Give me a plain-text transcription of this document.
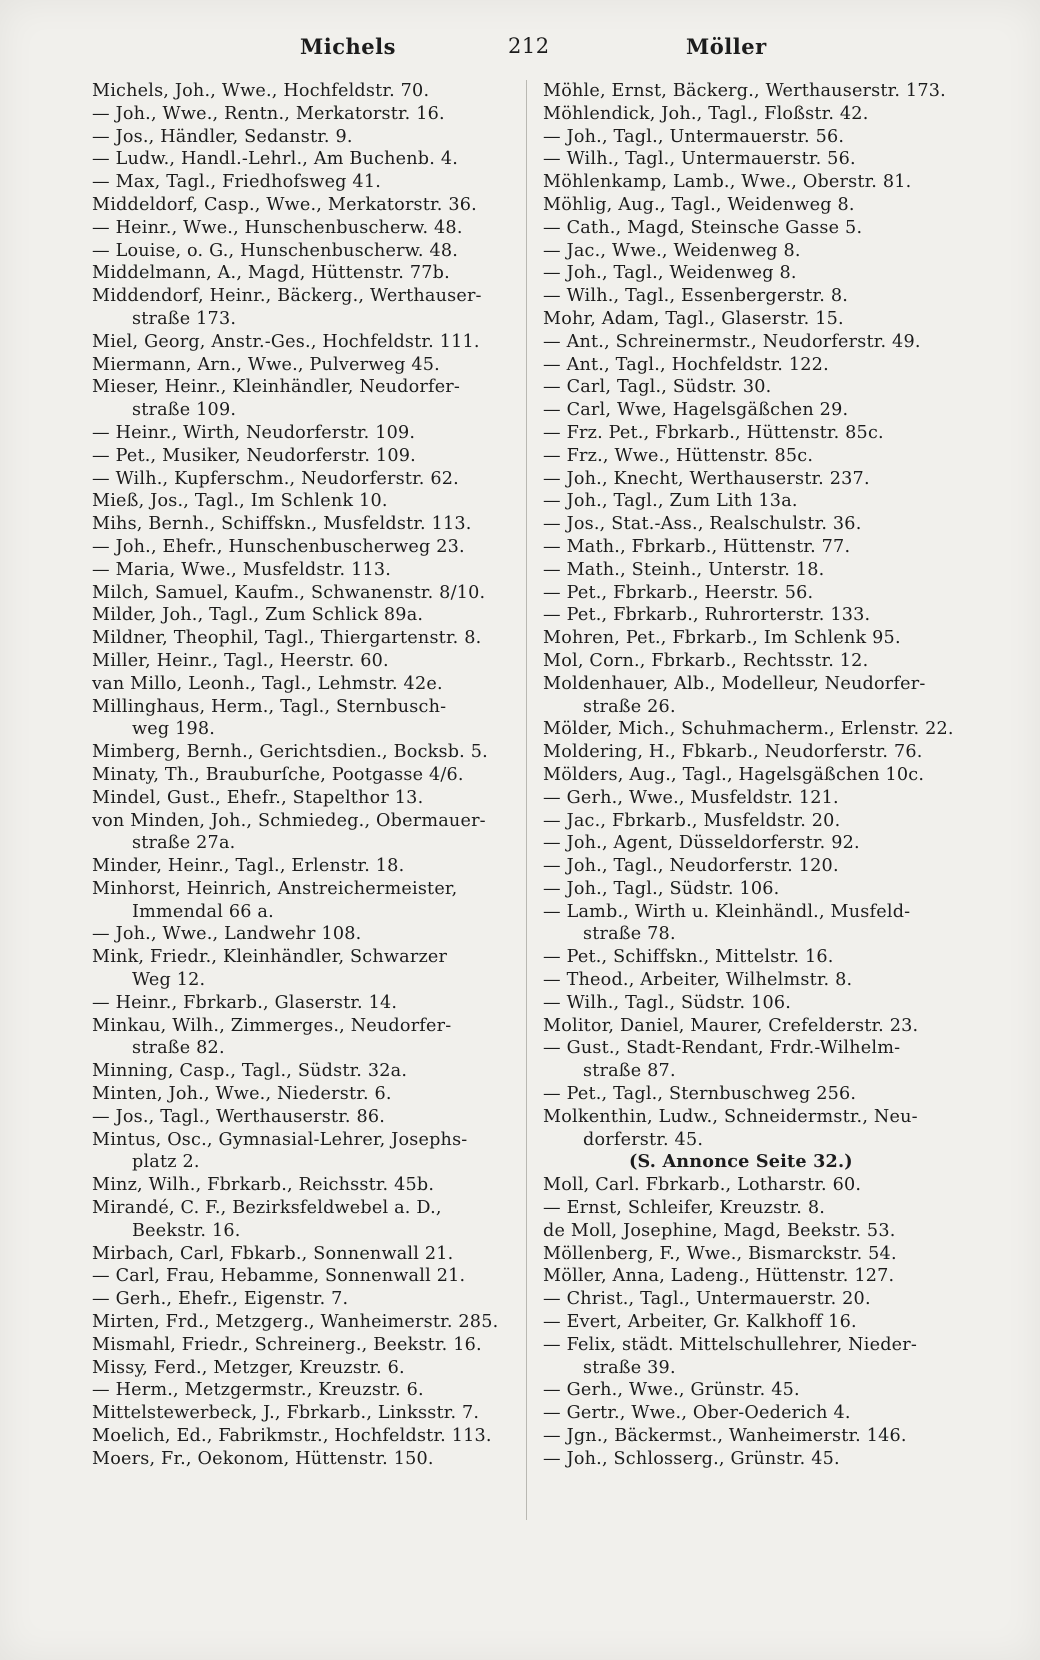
Michels	212	Möller
Michels, Joh., Wwe., Hochfeldstr. 70.
— Joh., Wwe., Rentn., Merkatorstr. 16.
— Jos., Händler, Sedanstr. 9.
— Ludw., Handl.-Lehrl., Am Buchenb. 4.
— Max, Tagl., Friedhofsweg 41.
Middeldorf, Casp., Wwe., Merkatorstr. 36.
— Heinr., Wwe., Hunschenbuscherw. 48.
— Louise, o. G., Hunschenbuscherw. 48.
Middelmann, A., Magd, Hüttenstr. 77b.
Middendorf, Heinr., Bäckerg., Werthauser-
straße 173.
Miel, Georg, Anstr.-Ges., Hochfeldstr. 111.
Miermann, Arn., Wwe., Pulverweg 45.
Mieser, Heinr., Kleinhändler, Neudorfer-
straße 109.
— Heinr., Wirth, Neudorferstr. 109.
— Pet., Musiker, Neudorferstr. 109.
— Wilh., Kupferschm., Neudorferstr. 62.
Mieß, Jos., Tagl., Im Schlenk 10.
Mihs, Bernh., Schiffskn., Musfeldstr. 113.
— Joh., Ehefr., Hunschenbuscherweg 23.
— Maria, Wwe., Musfeldstr. 113.
Milch, Samuel, Kaufm., Schwanenstr. 8/10.
Milder, Joh., Tagl., Zum Schlick 89a.
Mildner, Theophil, Tagl., Thiergartenstr. 8.
Miller, Heinr., Tagl., Heerstr. 60.
van Millo, Leonh., Tagl., Lehmstr. 42e.
Millinghaus, Herm., Tagl., Sternbusch-
weg 198.
Mimberg, Bernh., Gerichtsdien., Bocksb. 5.
Minaty, Th., Brauburſche, Pootgasse 4/6.
Mindel, Gust., Ehefr., Stapelthor 13.
von Minden, Joh., Schmiedeg., Obermauer-
straße 27a.
Minder, Heinr., Tagl., Erlenstr. 18.
Minhorst, Heinrich, Anstreichermeister,
Immendal 66 a.
— Joh., Wwe., Landwehr 108.
Mink, Friedr., Kleinhändler, Schwarzer
Weg 12.
— Heinr., Fbrkarb., Glaserstr. 14.
Minkau, Wilh., Zimmerges., Neudorfer-
straße 82.
Minning, Casp., Tagl., Südstr. 32a.
Minten, Joh., Wwe., Niederstr. 6.
— Jos., Tagl., Werthauserstr. 86.
Mintus, Osc., Gymnasial-Lehrer, Josephs-
platz 2.
Minz, Wilh., Fbrkarb., Reichsstr. 45b.
Mirandé, C. F., Bezirksfeldwebel a. D.,
Beekstr. 16.
Mirbach, Carl, Fbkarb., Sonnenwall 21.
— Carl, Frau, Hebamme, Sonnenwall 21.
— Gerh., Ehefr., Eigenstr. 7.
Mirten, Frd., Metzgerg., Wanheimerstr. 285.
Mismahl, Friedr., Schreinerg., Beekstr. 16.
Missy, Ferd., Metzger, Kreuzstr. 6.
— Herm., Metzgermstr., Kreuzstr. 6.
Mittelstewerbeck, J., Fbrkarb., Linksstr. 7.
Moelich, Ed., Fabrikmstr., Hochfeldstr. 113.
Moers, Fr., Oekonom, Hüttenstr. 150.
Möhle, Ernst, Bäckerg., Werthauserstr. 173.
Möhlendick, Joh., Tagl., Floßstr. 42.
— Joh., Tagl., Untermauerstr. 56.
— Wilh., Tagl., Untermauerstr. 56.
Möhlenkamp, Lamb., Wwe., Oberstr. 81.
Möhlig, Aug., Tagl., Weidenweg 8.
— Cath., Magd, Steinsche Gasse 5.
— Jac., Wwe., Weidenweg 8.
— Joh., Tagl., Weidenweg 8.
— Wilh., Tagl., Essenbergerstr. 8.
Mohr, Adam, Tagl., Glaserstr. 15.
— Ant., Schreinermstr., Neudorferstr. 49.
— Ant., Tagl., Hochfeldstr. 122.
— Carl, Tagl., Südstr. 30.
— Carl, Wwe, Hagelsgäßchen 29.
— Frz. Pet., Fbrkarb., Hüttenstr. 85c.
— Frz., Wwe., Hüttenstr. 85c.
— Joh., Knecht, Werthauserstr. 237.
— Joh., Tagl., Zum Lith 13a.
— Jos., Stat.-Ass., Realschulstr. 36.
— Math., Fbrkarb., Hüttenstr. 77.
— Math., Steinh., Unterstr. 18.
— Pet., Fbrkarb., Heerstr. 56.
— Pet., Fbrkarb., Ruhrorterstr. 133.
Mohren, Pet., Fbrkarb., Im Schlenk 95.
Mol, Corn., Fbrkarb., Rechtsstr. 12.
Moldenhauer, Alb., Modelleur, Neudorfer-
straße 26.
Mölder, Mich., Schuhmacherm., Erlenstr. 22.
Moldering, H., Fbkarb., Neudorferstr. 76.
Mölders, Aug., Tagl., Hagelsgäßchen 10c.
— Gerh., Wwe., Musfeldstr. 121.
— Jac., Fbrkarb., Musfeldstr. 20.
— Joh., Agent, Düsseldorferstr. 92.
— Joh., Tagl., Neudorferstr. 120.
— Joh., Tagl., Südstr. 106.
— Lamb., Wirth u. Kleinhändl., Musfeld-
straße 78.
— Pet., Schiffskn., Mittelstr. 16.
— Theod., Arbeiter, Wilhelmstr. 8.
— Wilh., Tagl., Südstr. 106.
Molitor, Daniel, Maurer, Crefelderstr. 23.
— Gust., Stadt-Rendant, Frdr.-Wilhelm-
straße 87.
— Pet., Tagl., Sternbuschweg 256.
Molkenthin, Ludw., Schneidermstr., Neu-
dorferstr. 45.
(S. Annonce Seite 32.)
Moll, Carl. Fbrkarb., Lotharstr. 60.
— Ernst, Schleifer, Kreuzstr. 8.
de Moll, Josephine, Magd, Beekstr. 53.
Möllenberg, F., Wwe., Bismarckstr. 54.
Möller, Anna, Ladeng., Hüttenstr. 127.
— Christ., Tagl., Untermauerstr. 20.
— Evert, Arbeiter, Gr. Kalkhoff 16.
— Felix, städt. Mittelschullehrer, Nieder-
straße 39.
— Gerh., Wwe., Grünstr. 45.
— Gertr., Wwe., Ober-Oederich 4.
— Jgn., Bäckermst., Wanheimerstr. 146.
— Joh., Schlosserg., Grünstr. 45.
